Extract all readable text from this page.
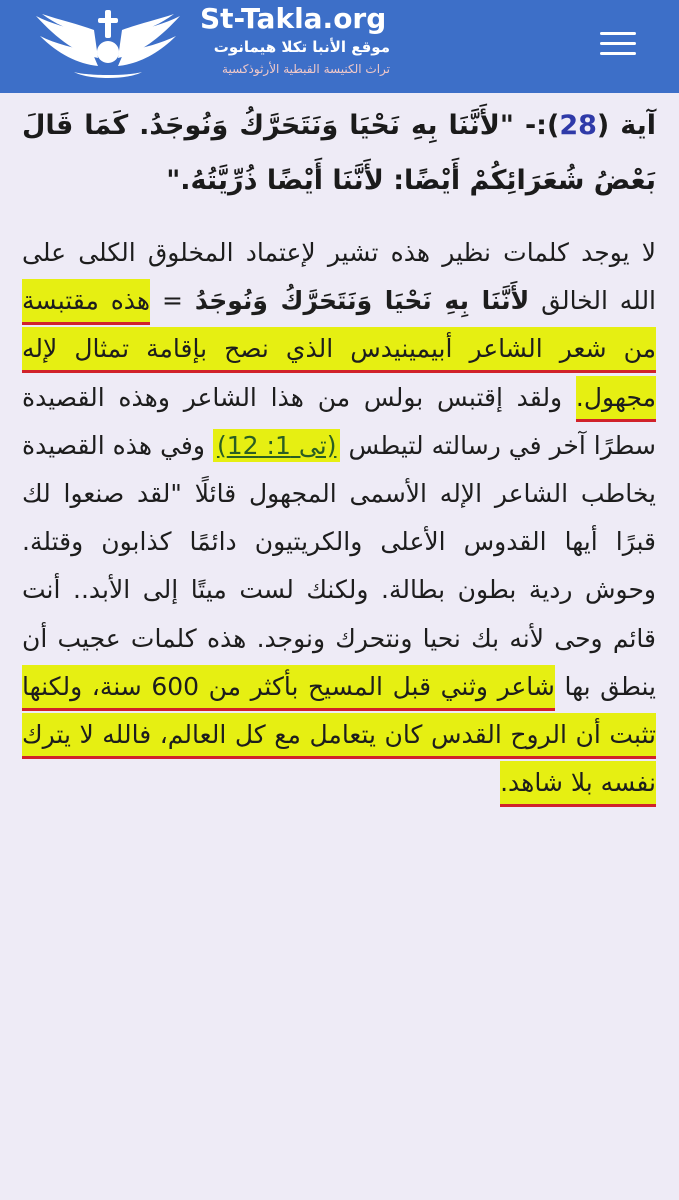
St-Takla.org
موقع الأنبا تكلا هيمانوت
تراث الكنيسة القبطية الأرثوذكسية

آية (28):- "لأَنَّنَا بِهِ نَحْيَا وَنَتَحَرَّكُ وَنُوجَدُ. كَمَا قَالَ بَعْضُ شُعَرَائِكُمْ أَيْضًا: لأَنَّنَا أَيْضًا ذُرِّيَّتُهُ."

لا يوجد كلمات نظير هذه تشير لإعتماد المخلوق الكلى على الله الخالق لأَنَّنَا بِهِ نَحْيَا وَنَتَحَرَّكُ وَنُوجَدُ = هذه مقتبسة من شعر الشاعر أبيمينيدس الذي نصح بإقامة تمثال لإله مجهول. ولقد إقتبس بولس من هذا الشاعر وهذه القصيدة سطرًا آخر في رسالته لتيطس (تى 1: 12) وفي هذه القصيدة يخاطب الشاعر الإله الأسمى المجهول قائلًا "لقد صنعوا لك قبرًا أيها القدوس الأعلى والكريتيون دائمًا كذابون وقتلة. وحوش ردية بطون بطالة. ولكنك لست ميتًا إلى الأبد.. أنت قائم وحى لأنه بك نحيا ونتحرك ونوجد. هذه كلمات عجيب أن ينطق بها شاعر وثني قبل المسيح بأكثر من 600 سنة، ولكنها تثبت أن الروح القدس كان يتعامل مع كل العالم، فالله لا يترك نفسه بلا شاهد.
